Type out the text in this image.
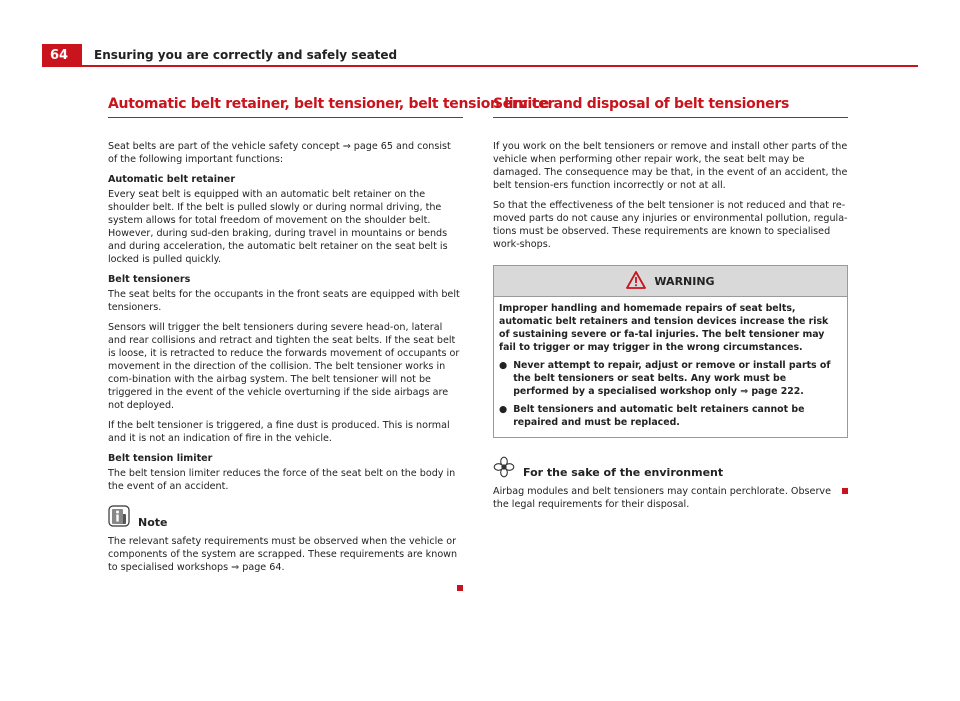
64	Ensuring you are correctly and safely seated
Automatic belt retainer, belt tensioner, belt tension limiter

Seat belts are part of the vehicle safety concept ⇒ page 65 and consist of the following important functions:

Automatic belt retainer

Every seat belt is equipped with an automatic belt retainer on the shoulder belt. If the belt is pulled slowly or during normal driving, the system allows for total freedom of movement on the shoulder belt. However, during sud-den braking, during travel in mountains or bends and during acceleration, the automatic belt retainer on the seat belt is locked is pulled quickly.

Belt tensioners

The seat belts for the occupants in the front seats are equipped with belt tensioners.

Sensors will trigger the belt tensioners during severe head-on, lateral and rear collisions and retract and tighten the seat belts. If the seat belt is loose, it is retracted to reduce the forwards movement of occupants or movement in the direction of the collision. The belt tensioner works in com-bination with the airbag system. The belt tensioner will not be triggered in the event of the vehicle overturning if the side airbags are not deployed.

If the belt tensioner is triggered, a fine dust is produced. This is normal and it is not an indication of fire in the vehicle.

Belt tension limiter

The belt tension limiter reduces the force of the seat belt on the body in the event of an accident.

Note

The relevant safety requirements must be observed when the vehicle or components of the system are scrapped. These requirements are known to specialised workshops ⇒ page 64.

Service and disposal of belt tensioners

If you work on the belt tensioners or remove and install other parts of the vehicle when performing other repair work, the seat belt may be damaged. The consequence may be that, in the event of an accident, the belt tension-ers function incorrectly or not at all.

So that the effectiveness of the belt tensioner is not reduced and that re-moved parts do not cause any injuries or environmental pollution, regula-tions must be observed. These requirements are known to specialised work-shops.

WARNING

Improper handling and homemade repairs of seat belts, automatic belt retainers and tension devices increase the risk of sustaining severe or fa-tal injuries. The belt tensioner may fail to trigger or may trigger in the wrong circumstances.

● Never attempt to repair, adjust or remove or install parts of the belt tensioners or seat belts. Any work must be performed by a specialised workshop only ⇒ page 222.

● Belt tensioners and automatic belt retainers cannot be repaired and must be replaced.

For the sake of the environment

Airbag modules and belt tensioners may contain perchlorate. Observe the legal requirements for their disposal.
